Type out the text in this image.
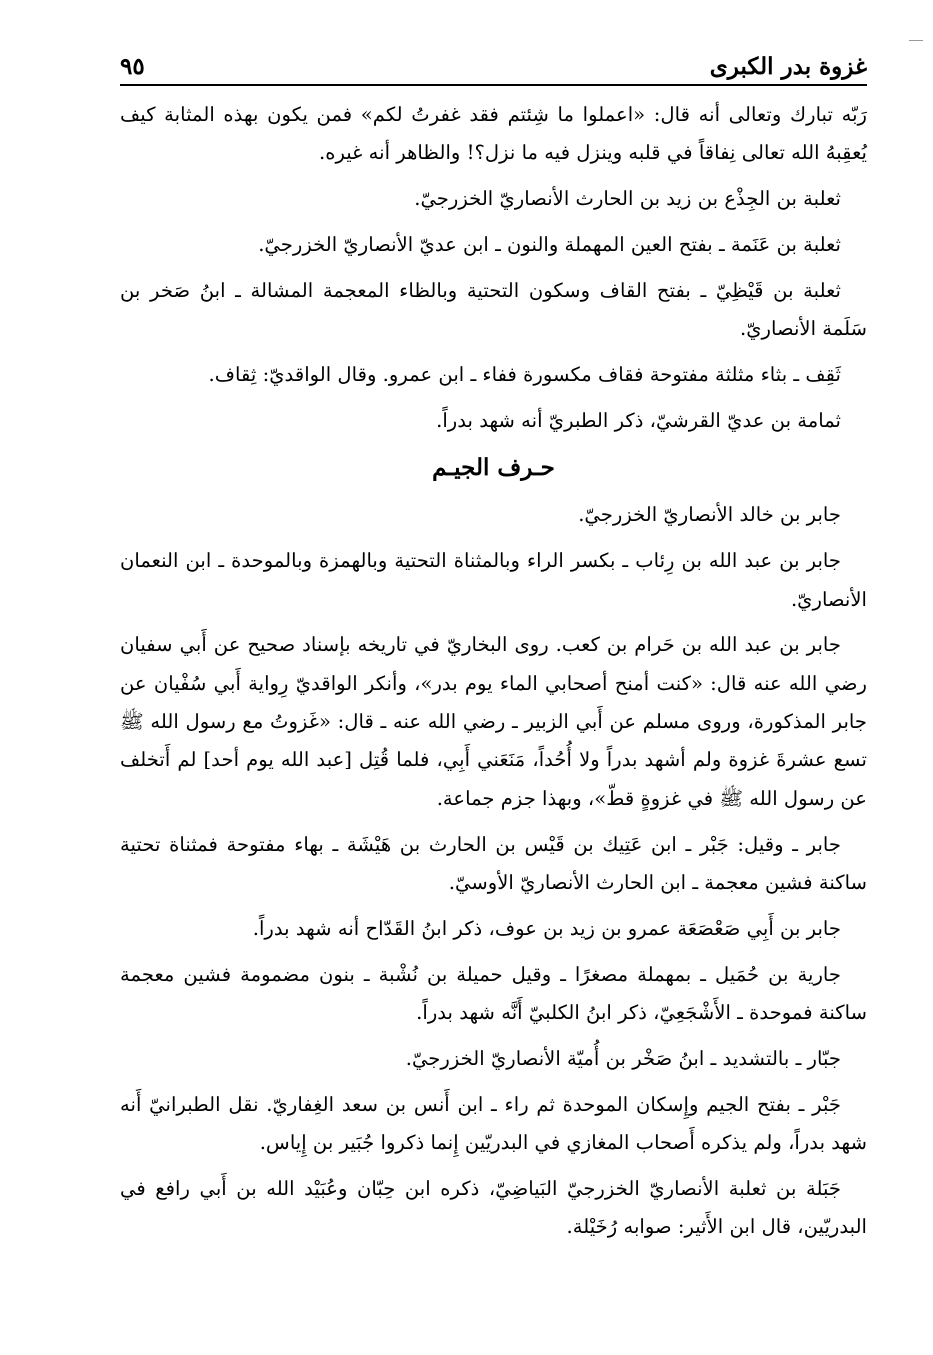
غزوة بدر الكبرى
٩٥

رَبّه تبارك وتعالى أنه قال: «اعملوا ما شِئتم فقد غفرتُ لكم» فمن يكون بهذه المثابة كيف يُعقِبهُ الله تعالى نِفاقاً في قلبه وينزل فيه ما نزل؟! والظاهر أنه غيره.

ثعلبة بن الجِذْع بن زيد بن الحارث الأنصاريّ الخزرجيّ.

ثعلبة بن عَنَمة ـ بفتح العين المهملة والنون ـ ابن عديّ الأنصاريّ الخزرجيّ.

ثعلبة بن قَيْظِيّ ـ بفتح القاف وسكون التحتية وبالظاء المعجمة المشالة ـ ابنُ صَخر بن سَلَمة الأنصاريّ.

ثَقِف ـ بثاء مثلثة مفتوحة فقاف مكسورة ففاء ـ ابن عمرو. وقال الواقديّ: ثِقاف.

ثمامة بن عديّ القرشيّ، ذكر الطبريّ أنه شهد بدراً.

حـرف الجيـم

جابر بن خالد الأنصاريّ الخزرجيّ.

جابر بن عبد الله بن رِئاب ـ بكسر الراء وبالمثناة التحتية وبالهمزة وبالموحدة ـ ابن النعمان الأنصاريّ.

جابر بن عبد الله بن حَرام بن كعب. روى البخاريّ في تاريخه بإسناد صحيح عن أَبي سفيان رضي الله عنه قال: «كنت أمنح أصحابي الماء يوم بدر»، وأنكر الواقديّ رِواية أَبي سُفْيان عن جابر المذكورة، وروى مسلم عن أَبي الزبير ـ رضي الله عنه ـ قال: «غَزوتُ مع رسول الله ﷺ تسع عشرةَ غزوة ولم أشهد بدراً ولا أُحُداً، مَنَعَني أَبِي، فلما قُتِل [عبد الله يوم أحد] لم أَتخلف عن رسول الله ﷺ في غزوةٍ قطّ»، وبهذا جزم جماعة.

جابر ـ وقيل: جَبْر ـ ابن عَتِيك بن قَيْس بن الحارث بن هَيْشَة ـ بهاء مفتوحة فمثناة تحتية ساكنة فشين معجمة ـ ابن الحارث الأنصاريّ الأوسيّ.

جابر بن أَبِي صَعْصَعَة عمرو بن زيد بن عوف، ذكر ابنُ القَدّاح أنه شهد بدراً.

جارية بن حُمَيل ـ بمهملة مصغرًا ـ وقيل حميلة بن نُشْبة ـ بنون مضمومة فشين معجمة ساكنة فموحدة ـ الأَشْجَعِيّ، ذكر ابنُ الكلبيّ أَنَّه شهد بدراً.

جبّار ـ بالتشديد ـ ابنُ صَخْر بن أُميّة الأنصاريّ الخزرجيّ.

جَبْر ـ بفتح الجيم وإِسكان الموحدة ثم راء ـ ابن أَنس بن سعد الغِفاريّ. نقل الطبرانيّ أَنه شهد بدراً، ولم يذكره أَصحاب المغازي في البدريّين إِنما ذكروا جُبَير بن إِياس.

جَبَلة بن ثعلبة الأنصاريّ الخزرجيّ البَياضِيّ، ذكره ابن حِبّان وعُبَيْد الله بن أَبي رافع في البدريّين، قال ابن الأَثير: صوابه رُخَيْلة.
